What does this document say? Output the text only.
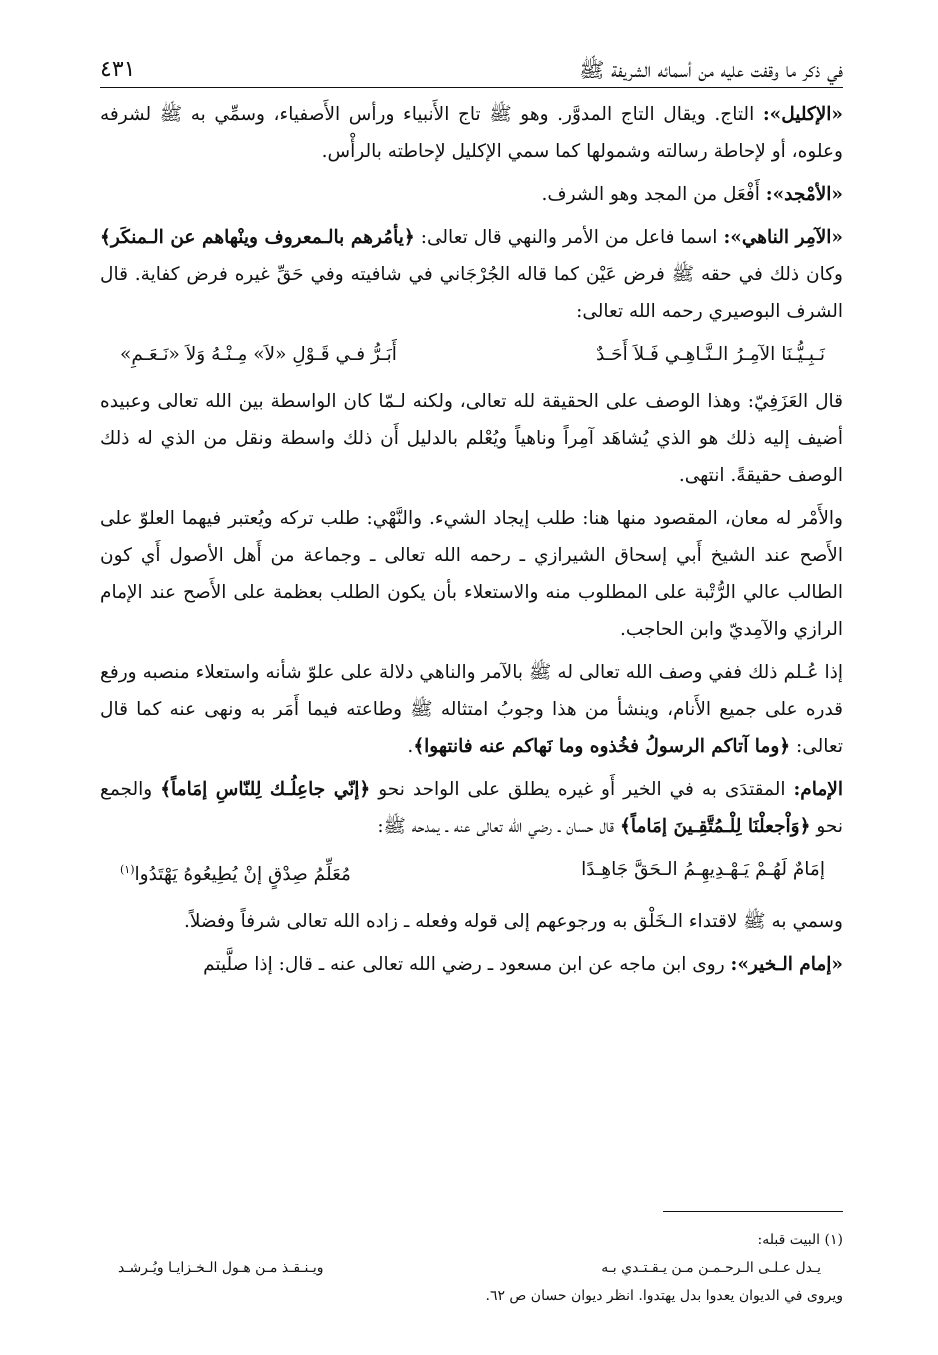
في ذكر ما وقفت عليه من أسمائه الشريفة ﷺ
٤٣١

«الإكليل»: التاج. ويقال التاج المدوَّر. وهو ﷺ تاج الأَنبياء ورأس الأَصفياء، وسمِّي به ﷺ لشرفه وعلوه، أو لإحاطة رسالته وشمولها كما سمي الإكليل لإحاطته بالرأْس.

«الأمْجد»: أَفْعَل من المجد وهو الشرف.

«الآمِر الناهي»: اسما فاعل من الأمر والنهي قال تعالى: ﴿يأمُرهم بالـمعروف وينْهاهم عن الـمنكَر﴾ وكان ذلك في حقه ﷺ فرض عَيْن كما قاله الجُرْجَاني في شافيته وفي حَقِّ غيره فرض كفاية. قال الشرف البوصيري رحمه الله تعالى:

نَـبِـيُّـنَا الآمِـرُ الـنَّـاهِـي فَـلاَ أَحَـدٌ
أَبَـرُّ فـي قَـوْلِ «لاَ» مِـنْـهُ وَلاَ «نَـعَـمِ»

قال العَزَفِيّ: وهذا الوصف على الحقيقة لله تعالى، ولكنه لـمّا كان الواسطة بين الله تعالى وعبيده أضيف إليه ذلك هو الذي يُشاهَد آمِراً وناهياً ويُعْلم بالدليل أَن ذلك واسطة ونقل من الذي له ذلك الوصف حقيقةً. انتهى.

والأَمْر له معان، المقصود منها هنا: طلب إيجاد الشيء. والنَّهْي: طلب تركه ويُعتبر فيهما العلوّ على الأَصح عند الشيخ أَبي إسحاق الشيرازي ـ رحمه الله تعالى ـ وجماعة من أَهل الأصول أَي كون الطالب عالي الرُّتْبة على المطلوب منه والاستعلاء بأن يكون الطلب بعظمة على الأَصح عند الإمام الرازي والآمِديّ وابن الحاجب.

إذا عُـلم ذلك ففي وصف الله تعالى له ﷺ بالآمر والناهي دلالة على علوّ شأنه واستعلاء منصبه ورفع قدره على جميع الأَنام، وينشأ من هذا وجوبُ امتثاله ﷺ وطاعته فيما أَمَر به ونهى عنه كما قال تعالى: ﴿وما آتاكم الرسولُ فخُذوه وما نَهاكم عنه فانتهوا﴾.

الإمام: المقتدَى به في الخير أَو غيره يطلق على الواحد نحو ﴿إنّي جاعِلُـك لِلنّاسِ إمَاماً﴾ والجمع نحو ﴿وَاْجعلْنَا لِلْـمُتَّقِـينَ إمَاماً﴾ قال حسان ـ رضي الله تعالى عنه ـ يمدحه ﷺ:

إمَامٌ لَهُـمْ يَـهْـدِيهِـمُ الـحَقَّ جَاهِـدًا
مُعَلِّمُ صِدْقٍ إنْ يُطِيعُوهُ يَهْتَدُوا$^{(١)}$

وسمي به ﷺ لاقتداء الـخَلْق به ورجوعهم إلى قوله وفعله ـ زاده الله تعالى شرفاً وفضلاً.

«إمام الـخير»: روى ابن ماجه عن ابن مسعود ـ رضي الله تعالى عنه ـ قال: إذا صلَّيتم

(١) البيت قبله:
يـدل عـلـى الـرحـمـن مـن يـقـتـدي بـه
ويـنـقـذ مـن هـول الـخـزايـا ويُـرشـد
ويروى في الديوان يعدوا بدل يهتدوا. انظر ديوان حسان ص ٦٢.
